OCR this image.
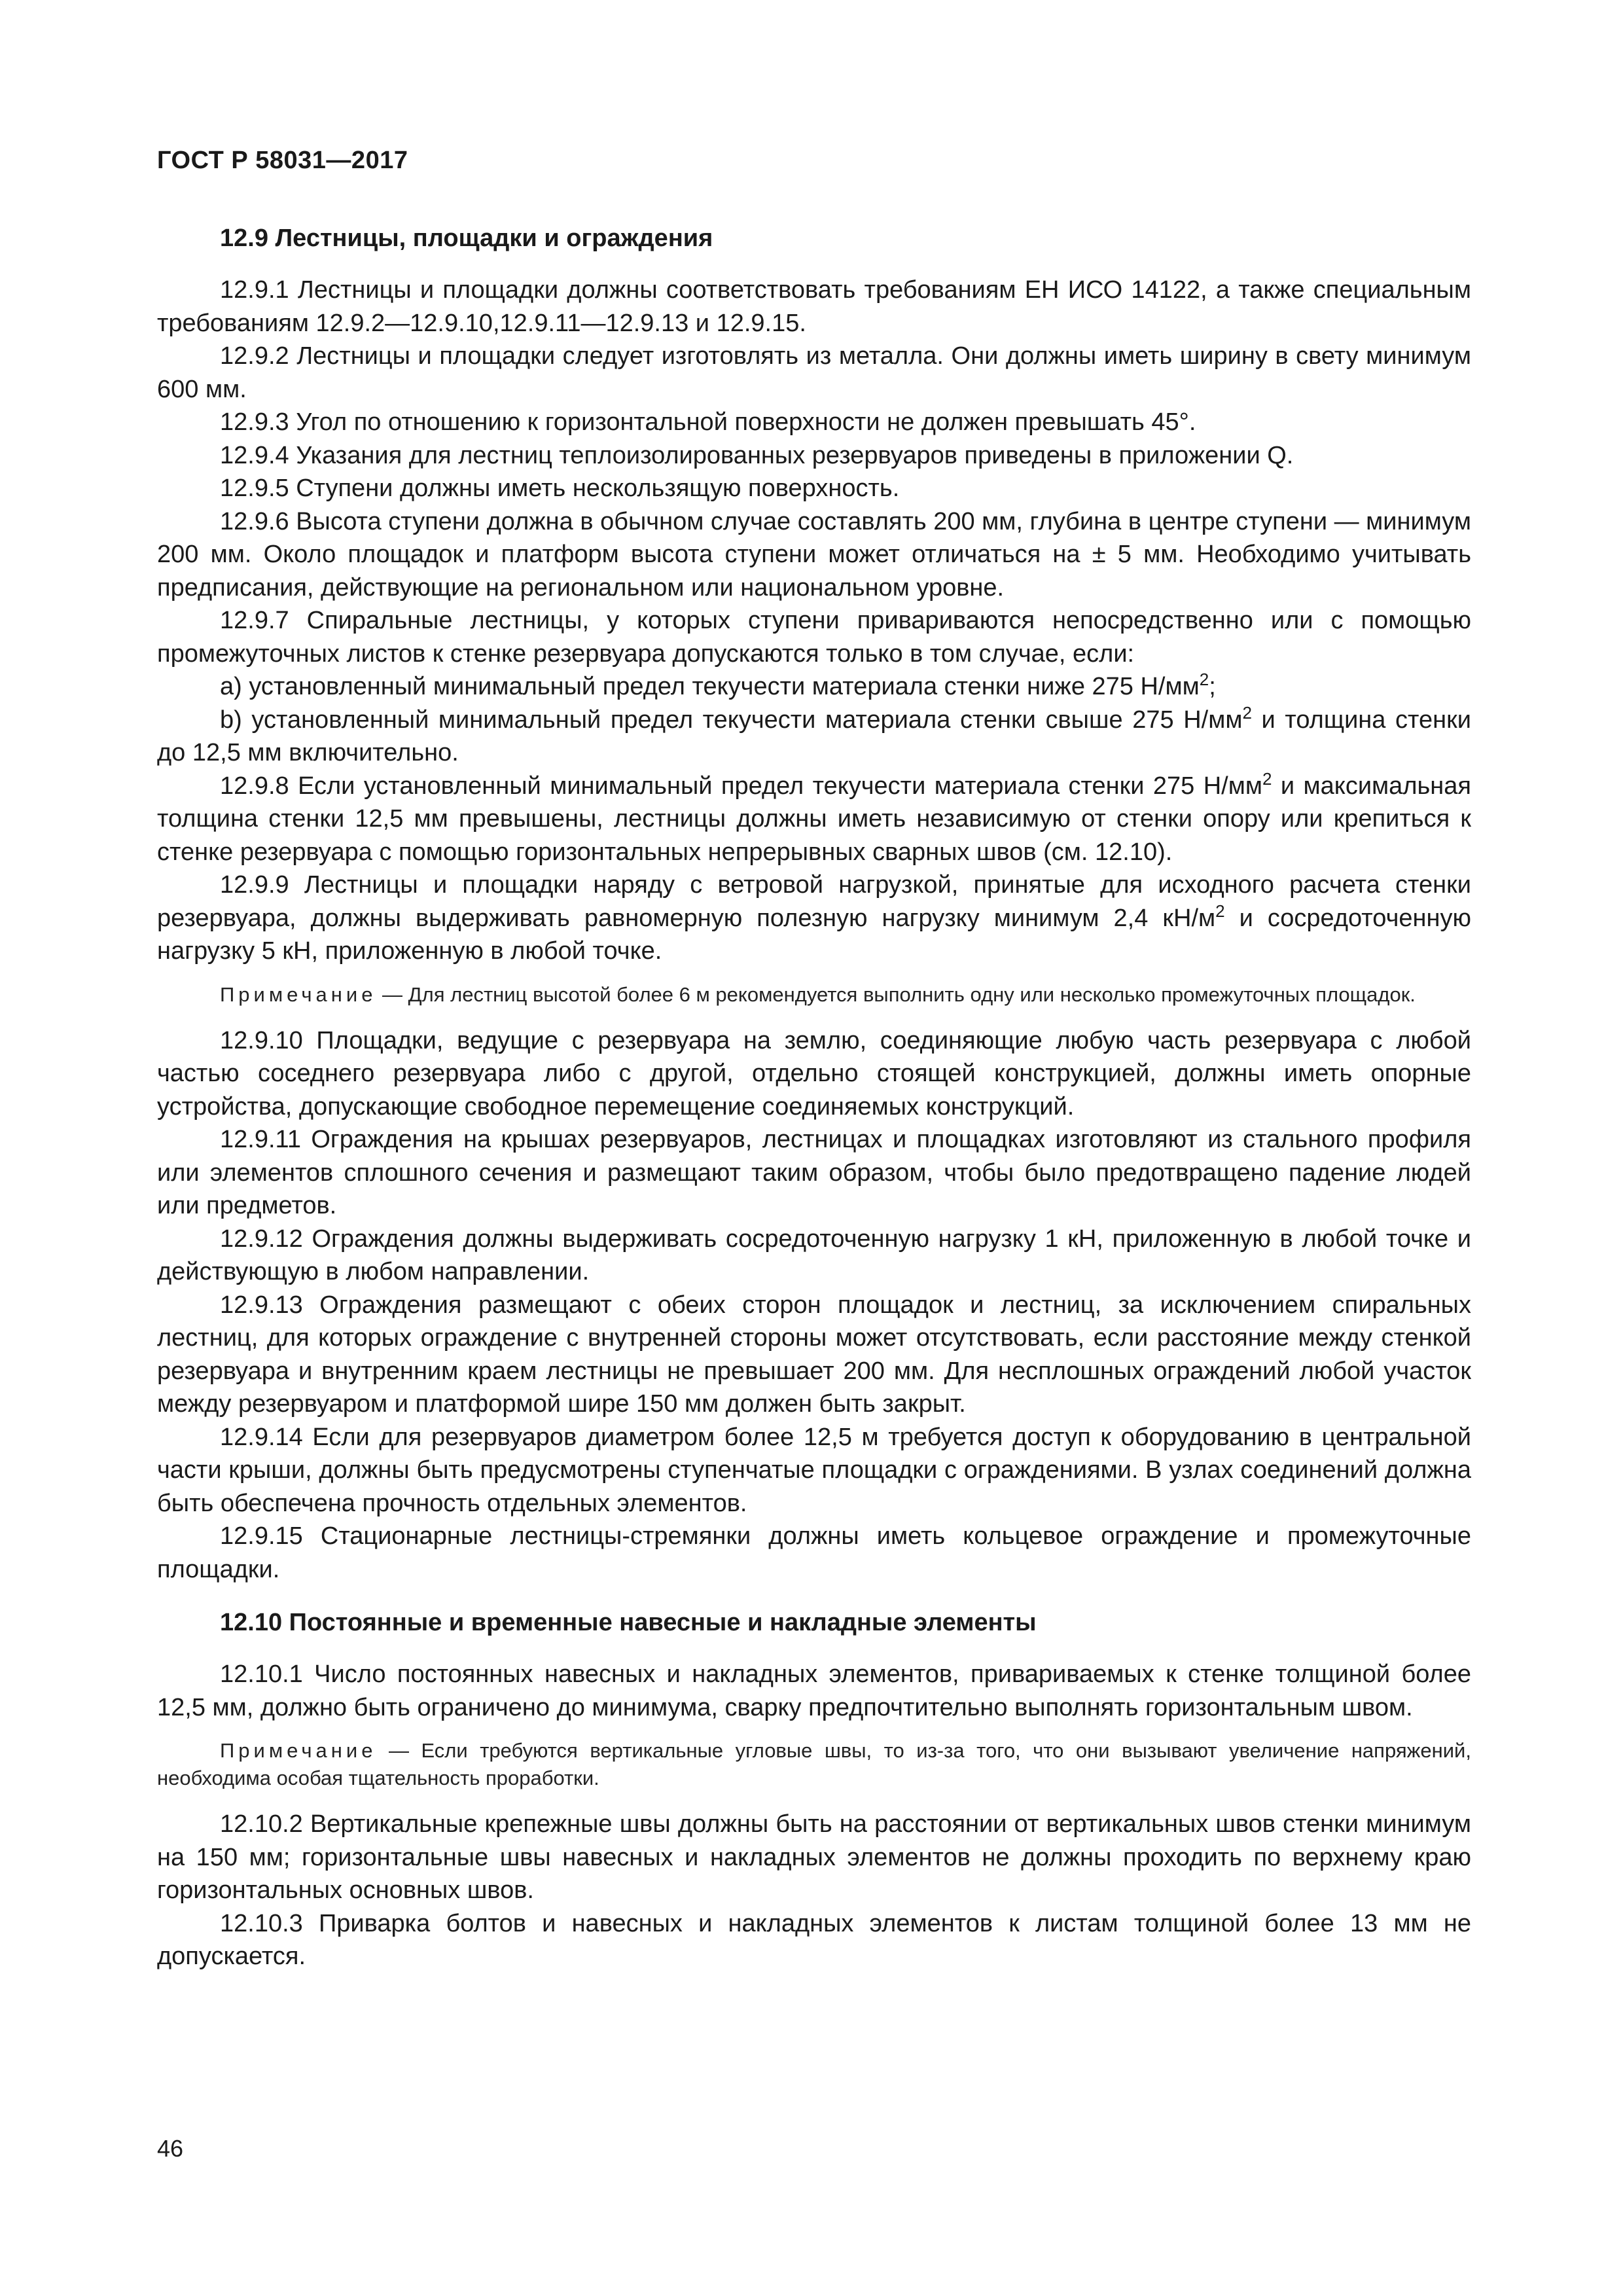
ГОСТ Р 58031—2017
12.9 Лестницы, площадки и ограждения

12.9.1 Лестницы и площадки должны соответствовать требованиям ЕН ИСО 14122, а также специальным требованиям 12.9.2—12.9.10,12.9.11—12.9.13 и 12.9.15.

12.9.2 Лестницы и площадки следует изготовлять из металла. Они должны иметь ширину в свету минимум 600 мм.

12.9.3 Угол по отношению к горизонтальной поверхности не должен превышать 45°.

12.9.4 Указания для лестниц теплоизолированных резервуаров приведены в приложении Q.

12.9.5 Ступени должны иметь нескользящую поверхность.

12.9.6 Высота ступени должна в обычном случае составлять 200 мм, глубина в центре ступени — минимум 200 мм. Около площадок и платформ высота ступени может отличаться на ± 5 мм. Необходимо учитывать предписания, действующие на региональном или национальном уровне.

12.9.7 Спиральные лестницы, у которых ступени привариваются непосредственно или с помощью промежуточных листов к стенке резервуара допускаются только в том случае, если:

a) установленный минимальный предел текучести материала стенки ниже 275 $Н/мм^2$;

b) установленный минимальный предел текучести материала стенки свыше 275 $Н/мм^2$ и толщина стенки до 12,5 мм включительно.

12.9.8 Если установленный минимальный предел текучести материала стенки 275 $Н/мм^2$ и максимальная толщина стенки 12,5 мм превышены, лестницы должны иметь независимую от стенки опору или крепиться к стенке резервуара с помощью горизонтальных непрерывных сварных швов (см. 12.10).

12.9.9 Лестницы и площадки наряду с ветровой нагрузкой, принятые для исходного расчета стенки резервуара, должны выдерживать равномерную полезную нагрузку минимум 2,4 $кН/м^2$ и сосредоточенную нагрузку 5 кН, приложенную в любой точке.

Примечание — Для лестниц высотой более 6 м рекомендуется выполнить одну или несколько промежуточных площадок.

12.9.10 Площадки, ведущие с резервуара на землю, соединяющие любую часть резервуара с любой частью соседнего резервуара либо с другой, отдельно стоящей конструкцией, должны иметь опорные устройства, допускающие свободное перемещение соединяемых конструкций.

12.9.11 Ограждения на крышах резервуаров, лестницах и площадках изготовляют из стального профиля или элементов сплошного сечения и размещают таким образом, чтобы было предотвращено падение людей или предметов.

12.9.12 Ограждения должны выдерживать сосредоточенную нагрузку 1 кН, приложенную в любой точке и действующую в любом направлении.

12.9.13 Ограждения размещают с обеих сторон площадок и лестниц, за исключением спиральных лестниц, для которых ограждение с внутренней стороны может отсутствовать, если расстояние между стенкой резервуара и внутренним краем лестницы не превышает 200 мм. Для несплошных ограждений любой участок между резервуаром и платформой шире 150 мм должен быть закрыт.

12.9.14 Если для резервуаров диаметром более 12,5 м требуется доступ к оборудованию в центральной части крыши, должны быть предусмотрены ступенчатые площадки с ограждениями. В узлах соединений должна быть обеспечена прочность отдельных элементов.

12.9.15 Стационарные лестницы-стремянки должны иметь кольцевое ограждение и промежуточные площадки.

12.10 Постоянные и временные навесные и накладные элементы

12.10.1 Число постоянных навесных и накладных элементов, привариваемых к стенке толщиной более 12,5 мм, должно быть ограничено до минимума, сварку предпочтительно выполнять горизонтальным швом.

Примечание — Если требуются вертикальные угловые швы, то из-за того, что они вызывают увеличение напряжений, необходима особая тщательность проработки.

12.10.2 Вертикальные крепежные швы должны быть на расстоянии от вертикальных швов стенки минимум на 150 мм; горизонтальные швы навесных и накладных элементов не должны проходить по верхнему краю горизонтальных основных швов.

12.10.3 Приварка болтов и навесных и накладных элементов к листам толщиной более 13 мм не допускается.

46
